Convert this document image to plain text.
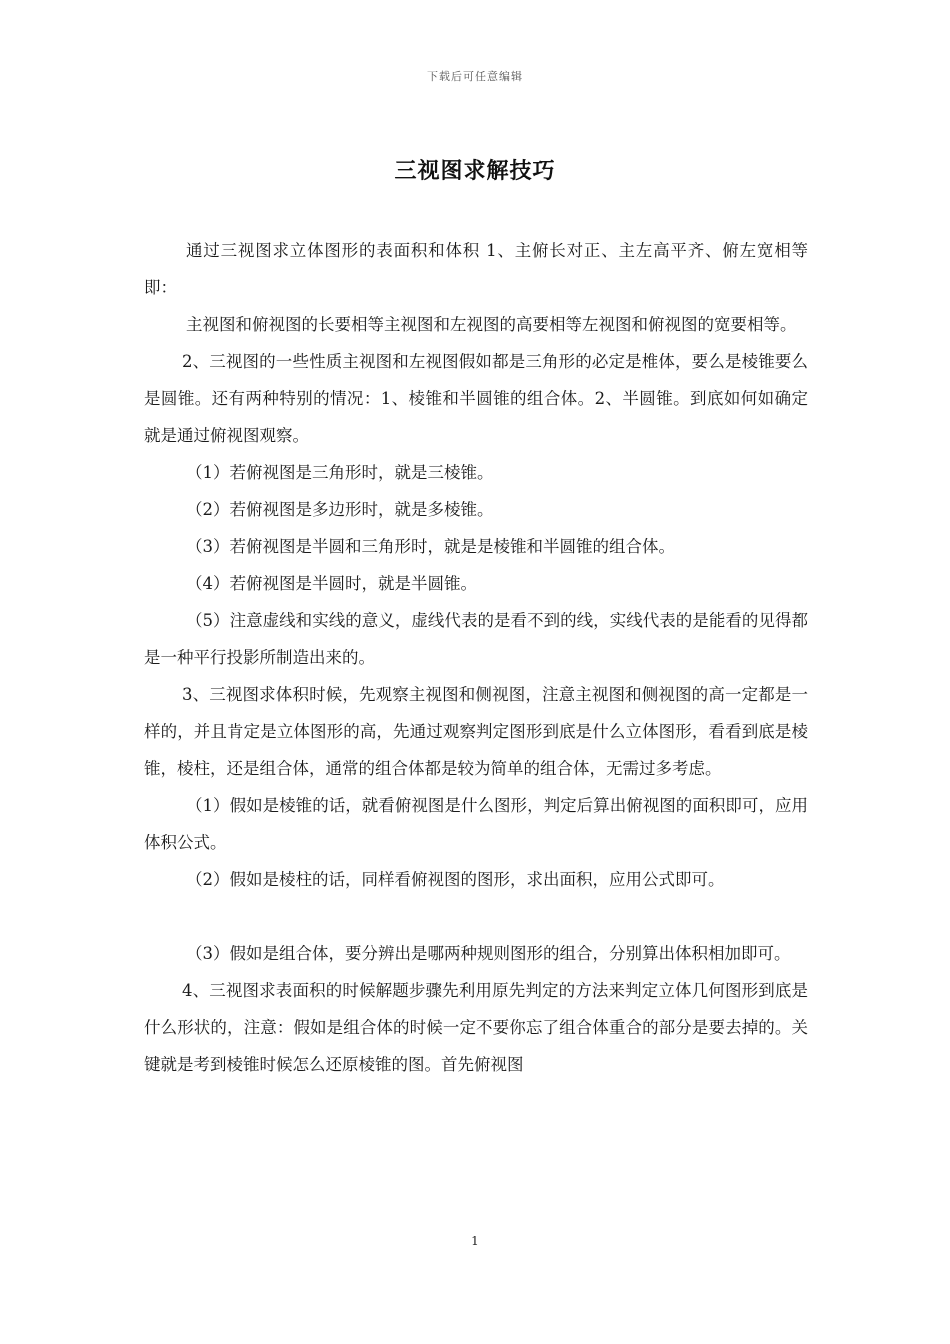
下载后可任意编辑
三视图求解技巧

通过三视图求立体图形的表面积和体积 1、主俯长对正、主左高平齐、俯左宽相等即：

主视图和俯视图的长要相等主视图和左视图的高要相等左视图和俯视图的宽要相等。

2、三视图的一些性质主视图和左视图假如都是三角形的必定是椎体，要么是棱锥要么是圆锥。还有两种特别的情况：1、棱锥和半圆锥的组合体。2、半圆锥。到底如何如确定就是通过俯视图观察。

（1）若俯视图是三角形时，就是三棱锥。

（2）若俯视图是多边形时，就是多棱锥。

（3）若俯视图是半圆和三角形时，就是是棱锥和半圆锥的组合体。

（4）若俯视图是半圆时，就是半圆锥。

（5）注意虚线和实线的意义，虚线代表的是看不到的线，实线代表的是能看的见得都是一种平行投影所制造出来的。

3、三视图求体积时候，先观察主视图和侧视图，注意主视图和侧视图的高一定都是一样的，并且肯定是立体图形的高，先通过观察判定图形到底是什么立体图形，看看到底是棱锥，棱柱，还是组合体，通常的组合体都是较为简单的组合体，无需过多考虑。

（1）假如是棱锥的话，就看俯视图是什么图形，判定后算出俯视图的面积即可，应用体积公式。

（2）假如是棱柱的话，同样看俯视图的图形，求出面积，应用公式即可。

（3）假如是组合体，要分辨出是哪两种规则图形的组合，分别算出体积相加即可。

4、三视图求表面积的时候解题步骤先利用原先判定的方法来判定立体几何图形到底是什么形状的，注意：假如是组合体的时候一定不要你忘了组合体重合的部分是要去掉的。关键就是考到棱锥时候怎么还原棱锥的图。首先俯视图

1
